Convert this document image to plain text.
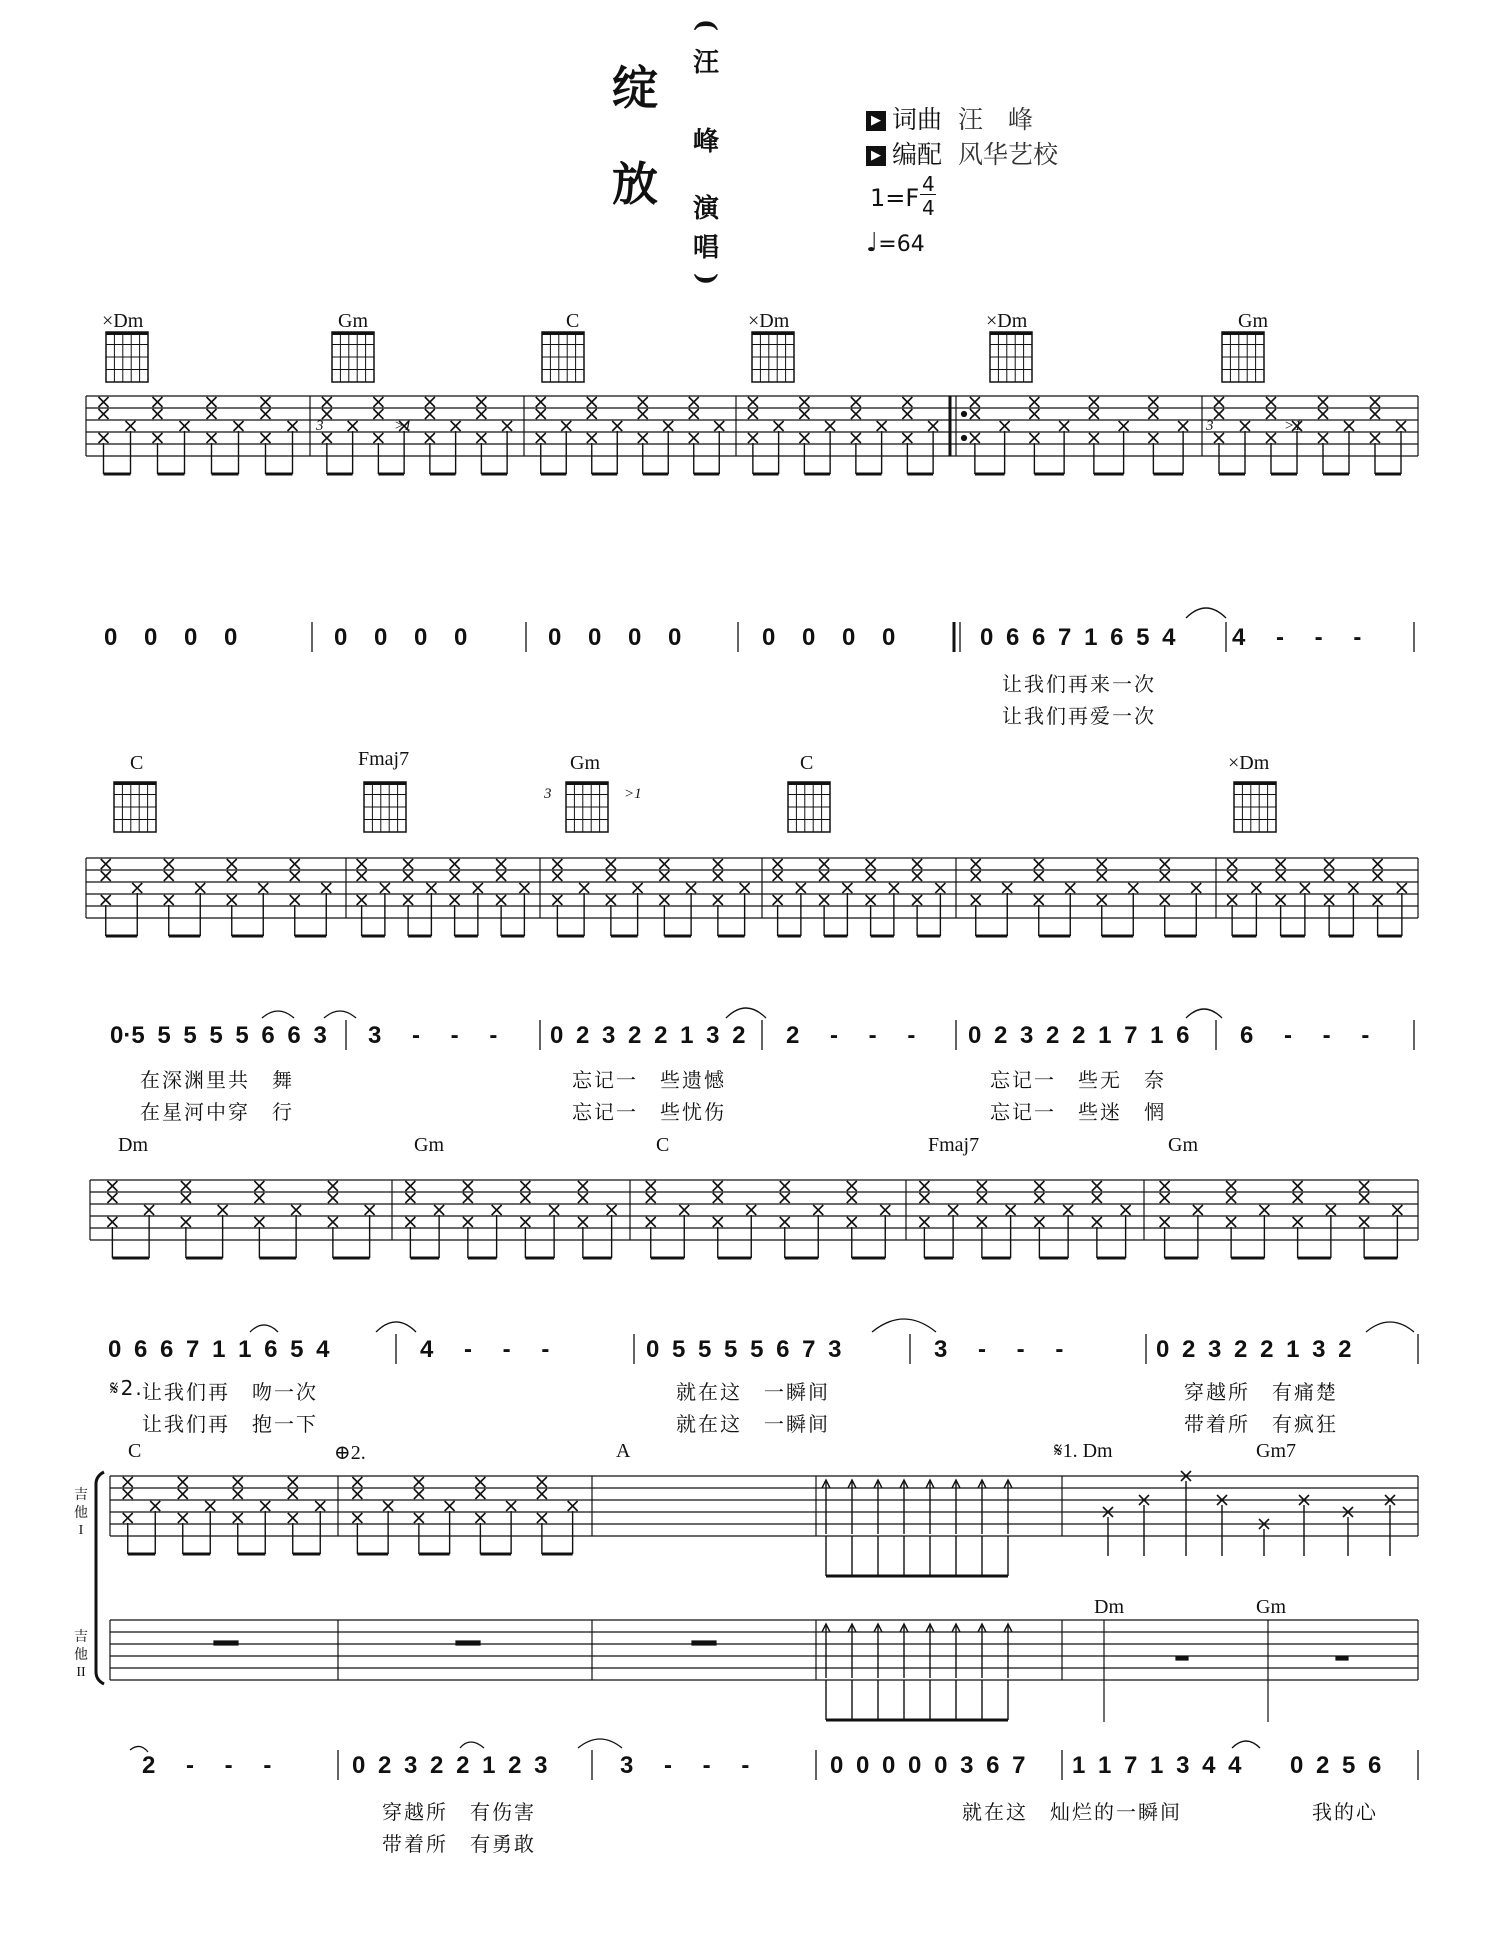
绽
放
(
汪
峰
演
唱
)
▶ 词曲 汪　峰
▶ 编配 风华艺校
1=F 4
4
♩=64
×Dm	Gm	C	×Dm	×Dm	Gm
3	>1	3	>1
0 0 0 0	0 0 0 0	0 0 0 0	0 0 0 0	0 6 6 7 1 6 5 4 4 - - -
让我们再来一次
让我们再爱一次
C	Fmaj7	Gm	C	×Dm
3	>1
0·5 5 5 5 5 6 6 3 3 - - - 0 2 3 2 2 1 3 2 2 - - - 0 2 3 2 2 1 7 1 6 6 - - -
在深渊里共　舞	忘记一　些遗憾	忘记一　些无　奈
在星河中穿　行	忘记一　些忧伤	忘记一　些迷　惘
Dm	Gm	C	Fmaj7	Gm
0 6 6 7 1 1 6 5 4	4 - - -	0 5 5 5 5 6 7 3	3 - - -	0 2 3 2 2 1 3 2
𝄋2.
让我们再　吻一次	就在这　一瞬间	穿越所　有痛楚
让我们再　抱一下	就在这　一瞬间	带着所　有疯狂
C	⊕2.	A	𝄋1. Dm	Gm7
吉
他
I
吉
他
II
Dm	Gm
2 - - -	0 2 3 2 2 1 2 3	3 - - -	0 0 0 0 0 3 6 7 1 1 7 1 3 4 4 0 2 5 6
穿越所　有伤害	就在这　灿烂的一瞬间	我的心
带着所　有勇敢
